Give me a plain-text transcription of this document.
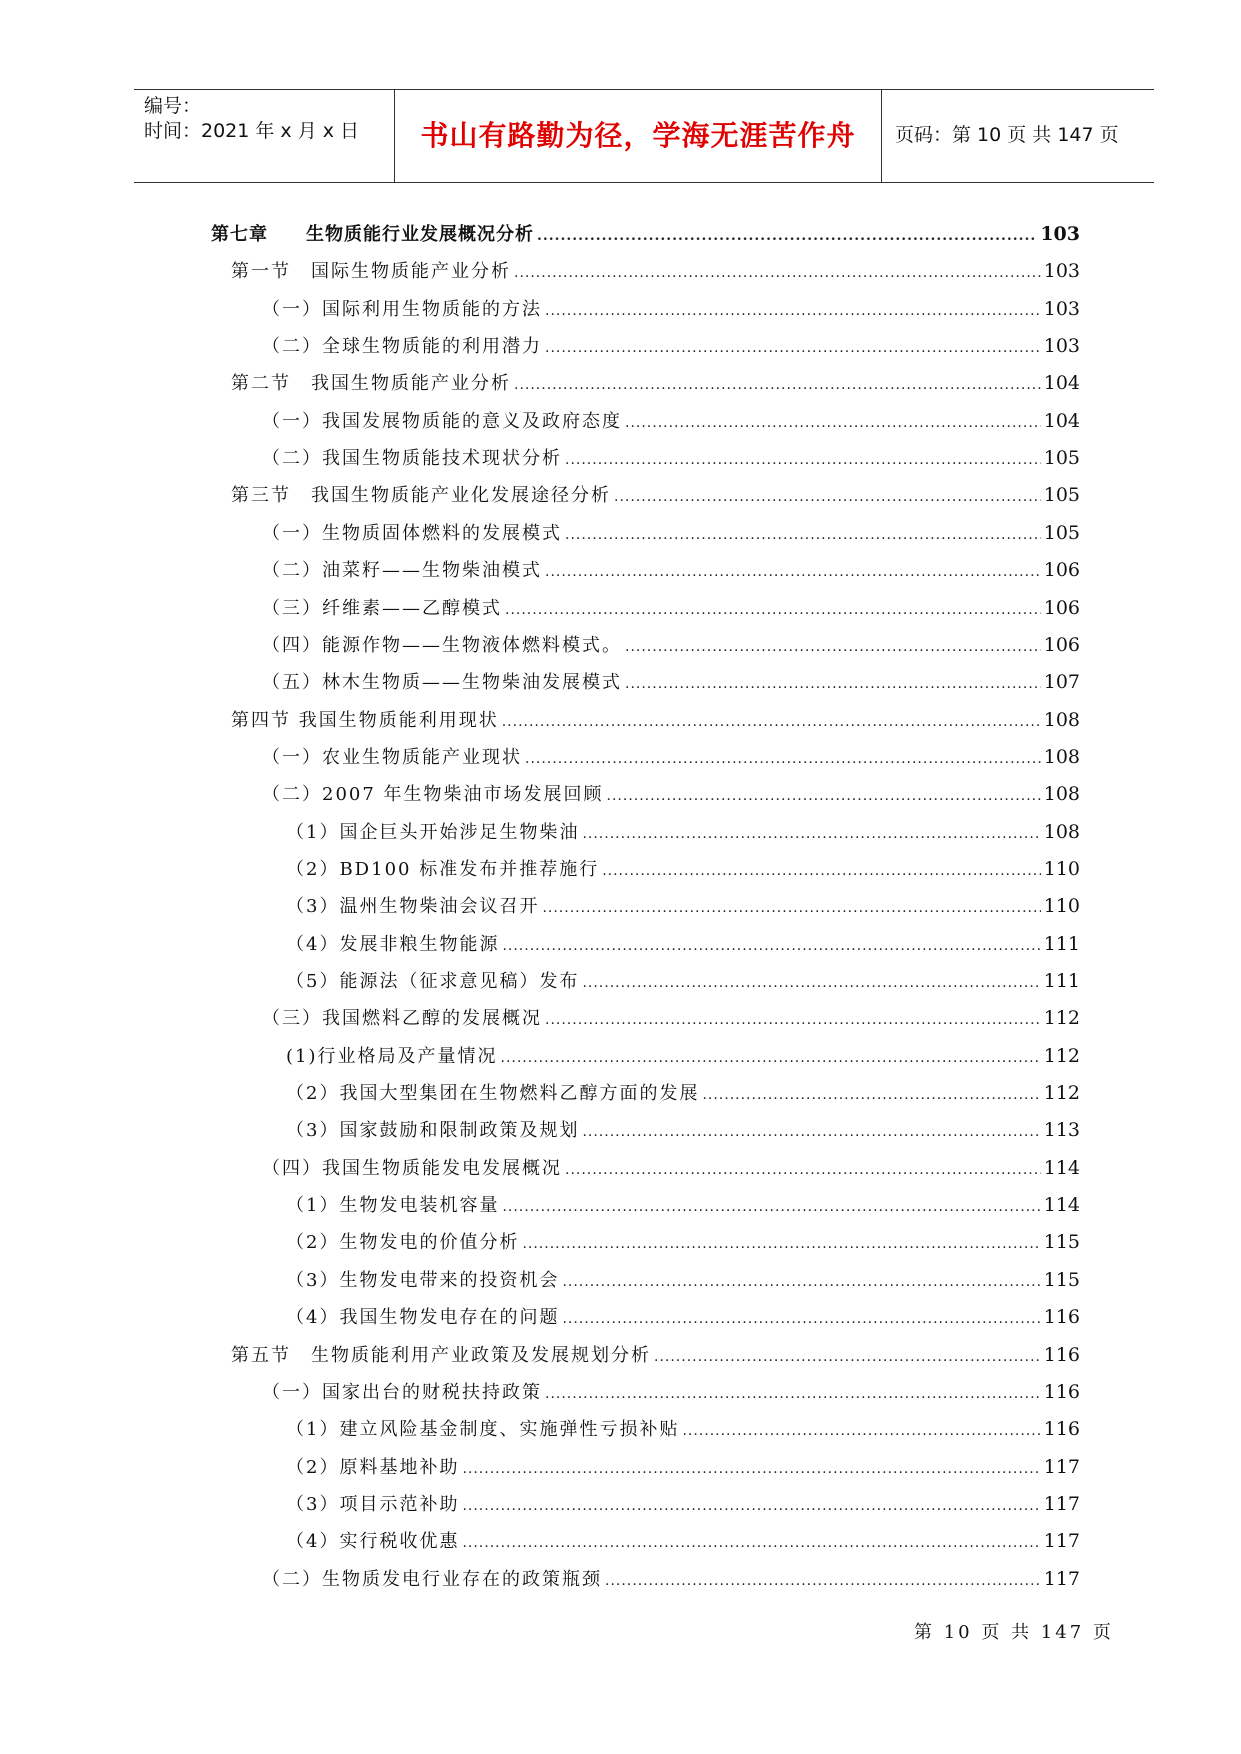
编号：
时间：2021 年 x 月 x 日	书山有路勤为径，学海无涯苦作舟	页码：第 10 页 共 147 页
第七章　　生物质能行业发展概况分析 .....	103
第一节　国际生物质能产业分析 .....	103
（一）国际利用生物质能的方法 .....	103
（二）全球生物质能的利用潜力 .....	103
第二节　我国生物质能产业分析 .....	104
（一）我国发展物质能的意义及政府态度 .....	104
（二）我国生物质能技术现状分析 .....	105
第三节　我国生物质能产业化发展途径分析 .....	105
（一）生物质固体燃料的发展模式 .....	105
（二）油菜籽——生物柴油模式 .....	106
（三）纤维素——乙醇模式 .....	106
（四）能源作物——生物液体燃料模式。 .....	106
（五）林木生物质——生物柴油发展模式 .....	107
第四节 我国生物质能利用现状 .....	108
（一）农业生物质能产业现状 .....	108
（二）2007 年生物柴油市场发展回顾 .....	108
（1）国企巨头开始涉足生物柴油 .....	108
（2）BD100 标准发布并推荐施行 .....	110
（3）温州生物柴油会议召开 .....	110
（4）发展非粮生物能源 .....	111
（5）能源法（征求意见稿）发布 .....	111
（三）我国燃料乙醇的发展概况 .....	112
(1)行业格局及产量情况 .....	112
（2）我国大型集团在生物燃料乙醇方面的发展 .....	112
（3）国家鼓励和限制政策及规划 .....	113
（四）我国生物质能发电发展概况 .....	114
（1）生物发电装机容量 .....	114
（2）生物发电的价值分析 .....	115
（3）生物发电带来的投资机会 .....	115
（4）我国生物发电存在的问题 .....	116
第五节　生物质能利用产业政策及发展规划分析 .....	116
（一）国家出台的财税扶持政策 .....	116
（1）建立风险基金制度、实施弹性亏损补贴 .....	116
（2）原料基地补助 .....	117
（3）项目示范补助 .....	117
（4）实行税收优惠 .....	117
（二）生物质发电行业存在的政策瓶颈 .....	117
第 10 页 共 147 页
